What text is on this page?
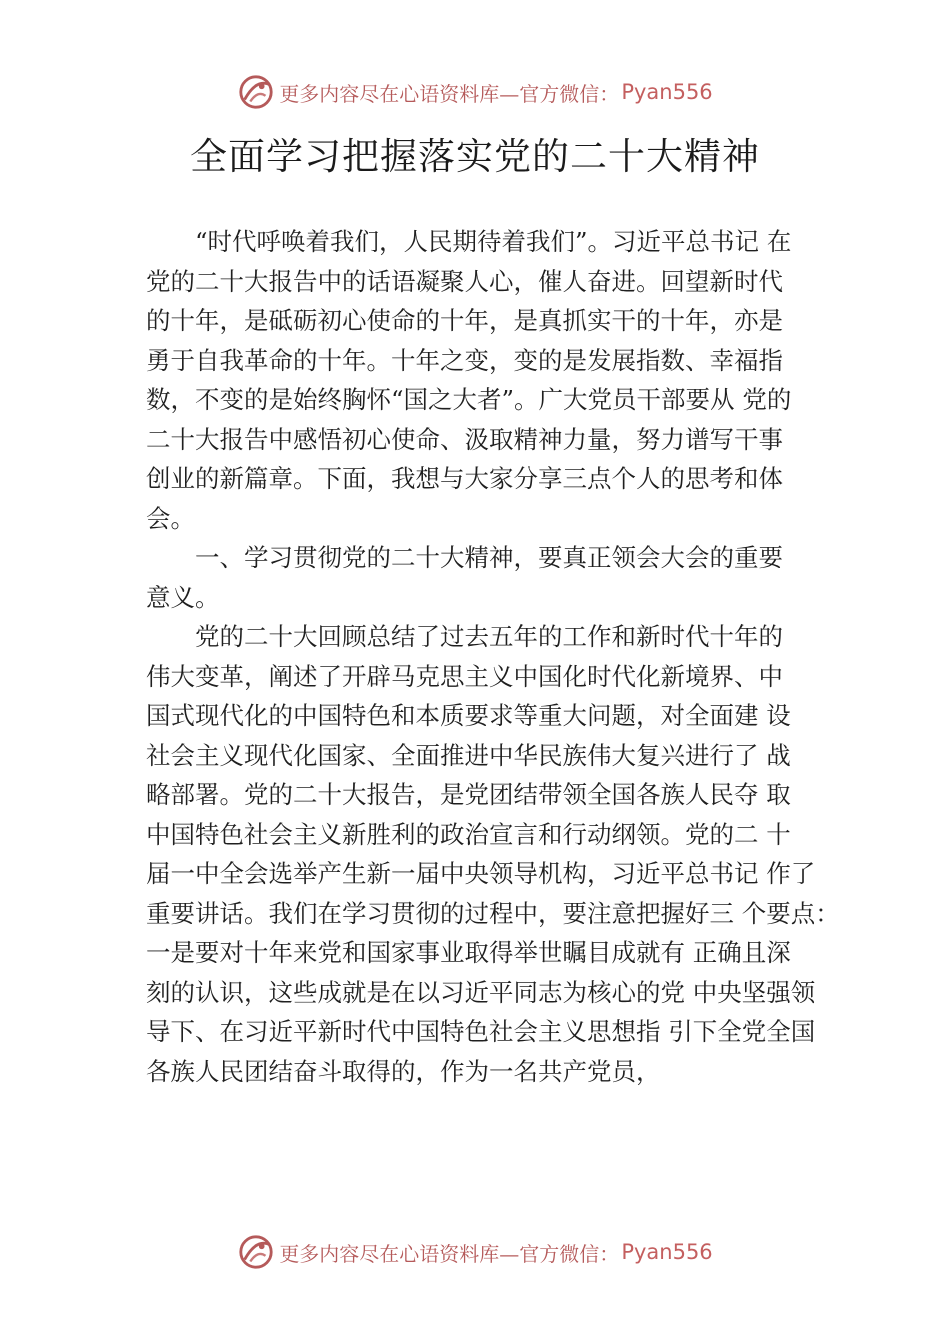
更多内容尽在心语资料库—官方微信： Pyan556
全面学习把握落实党的二十大精神
“时代呼唤着我们，人民期待着我们”。习近平总书记 在
党的二十大报告中的话语凝聚人心，催人奋进。回望新时代
的十年，是砥砺初心使命的十年，是真抓实干的十年，亦是
勇于自我革命的十年。十年之变，变的是发展指数、幸福指
数，不变的是始终胸怀“国之大者”。广大党员干部要从 党的
二十大报告中感悟初心使命、汲取精神力量，努力谱写干事
创业的新篇章。下面，我想与大家分享三点个人的思考和体
会。
一、学习贯彻党的二十大精神，要真正领会大会的重要
意义。
党的二十大回顾总结了过去五年的工作和新时代十年的
伟大变革，阐述了开辟马克思主义中国化时代化新境界、中
国式现代化的中国特色和本质要求等重大问题，对全面建 设
社会主义现代化国家、全面推进中华民族伟大复兴进行了 战
略部署。党的二十大报告，是党团结带领全国各族人民夺 取
中国特色社会主义新胜利的政治宣言和行动纲领。党的二 十
届一中全会选举产生新一届中央领导机构，习近平总书记 作了
重要讲话。我们在学习贯彻的过程中，要注意把握好三 个要点：
一是要对十年来党和国家事业取得举世瞩目成就有 正确且深
刻的认识，这些成就是在以习近平同志为核心的党 中央坚强领
导下、在习近平新时代中国特色社会主义思想指 引下全党全国
各族人民团结奋斗取得的，作为一名共产党员，
更多内容尽在心语资料库—官方微信： Pyan556
